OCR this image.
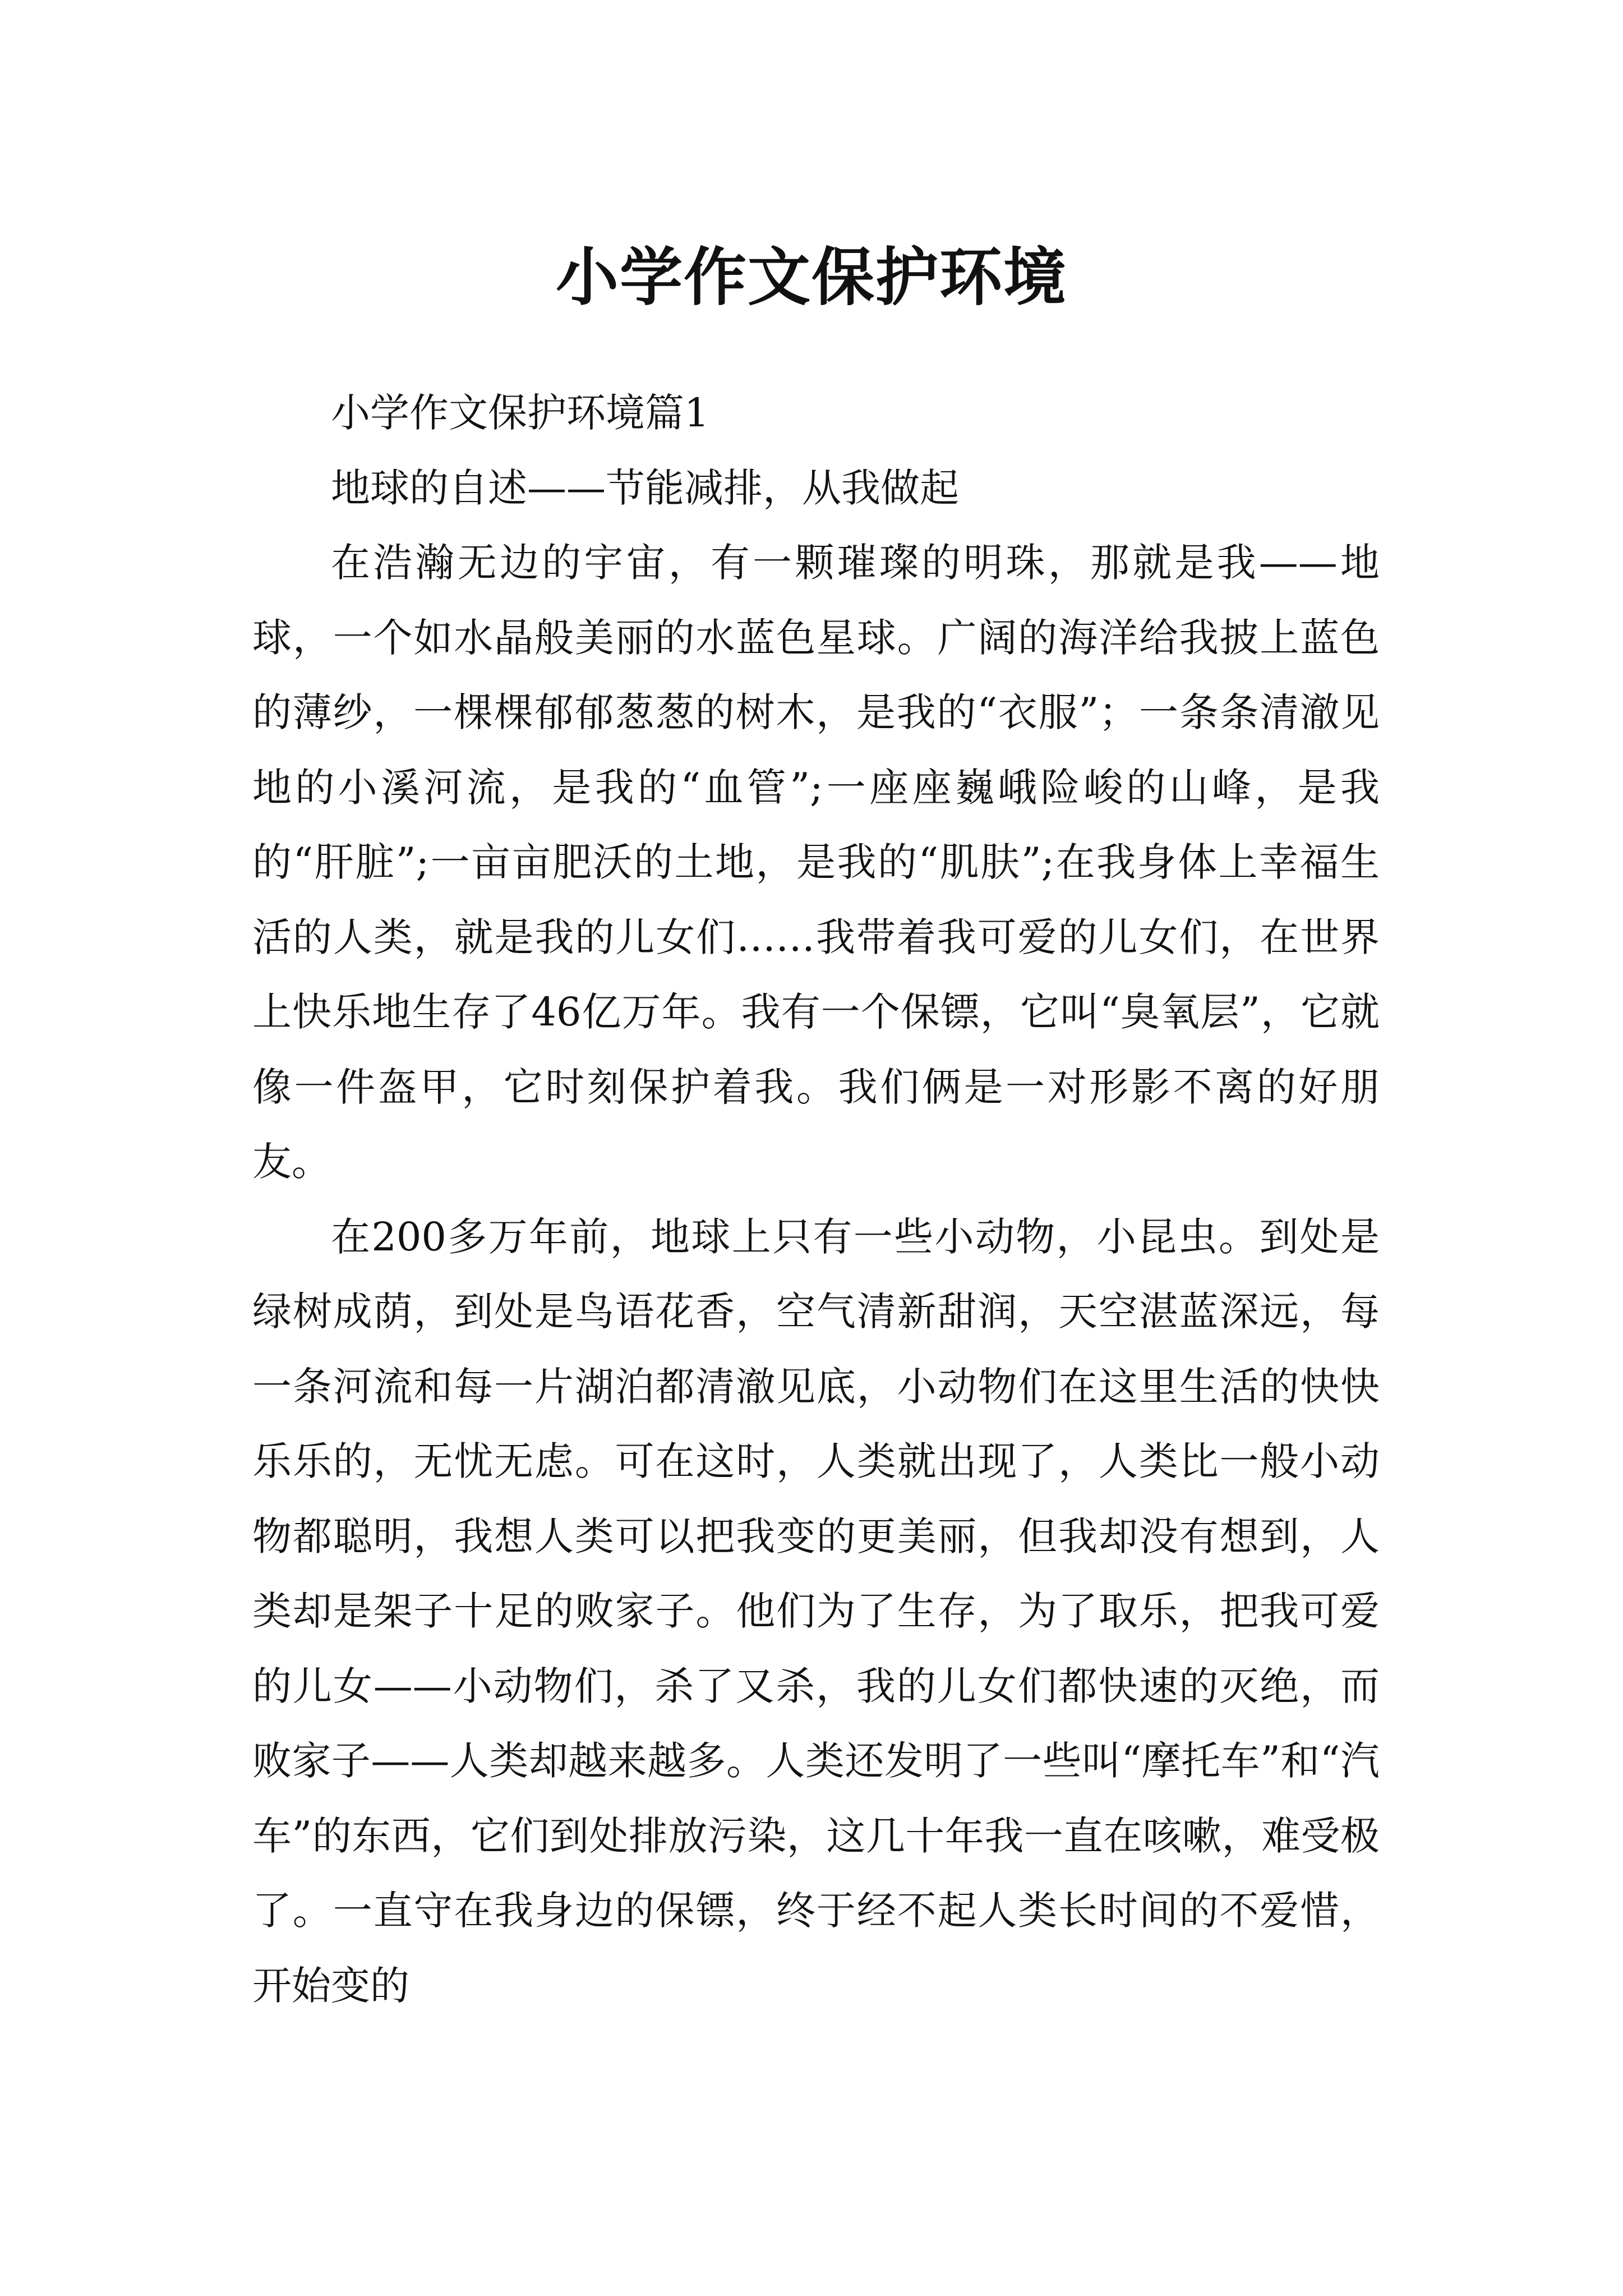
小学作文保护环境

小学作文保护环境篇1

地球的自述——节能减排，从我做起

在浩瀚无边的宇宙，有一颗璀璨的明珠，那就是我——地球，一个如水晶般美丽的水蓝色星球。广阔的海洋给我披上蓝色的薄纱，一棵棵郁郁葱葱的树木，是我的“衣服”；一条条清澈见地的小溪河流，是我的“血管”;一座座巍峨险峻的山峰，是我的“肝脏”;一亩亩肥沃的土地，是我的“肌肤”;在我身体上幸福生活的人类，就是我的儿女们……我带着我可爱的儿女们，在世界上快乐地生存了46亿万年。我有一个保镖，它叫“臭氧层”，它就像一件盔甲，它时刻保护着我。我们俩是一对形影不离的好朋友。

在200多万年前，地球上只有一些小动物，小昆虫。到处是绿树成荫，到处是鸟语花香，空气清新甜润，天空湛蓝深远，每一条河流和每一片湖泊都清澈见底，小动物们在这里生活的快快乐乐的，无忧无虑。可在这时，人类就出现了，人类比一般小动物都聪明，我想人类可以把我变的更美丽，但我却没有想到，人类却是架子十足的败家子。他们为了生存，为了取乐，把我可爱的儿女——小动物们，杀了又杀，我的儿女们都快速的灭绝，而败家子——人类却越来越多。人类还发明了一些叫“摩托车”和“汽车”的东西，它们到处排放污染，这几十年我一直在咳嗽，难受极了。一直守在我身边的保镖，终于经不起人类长时间的不爱惜，开始变的
